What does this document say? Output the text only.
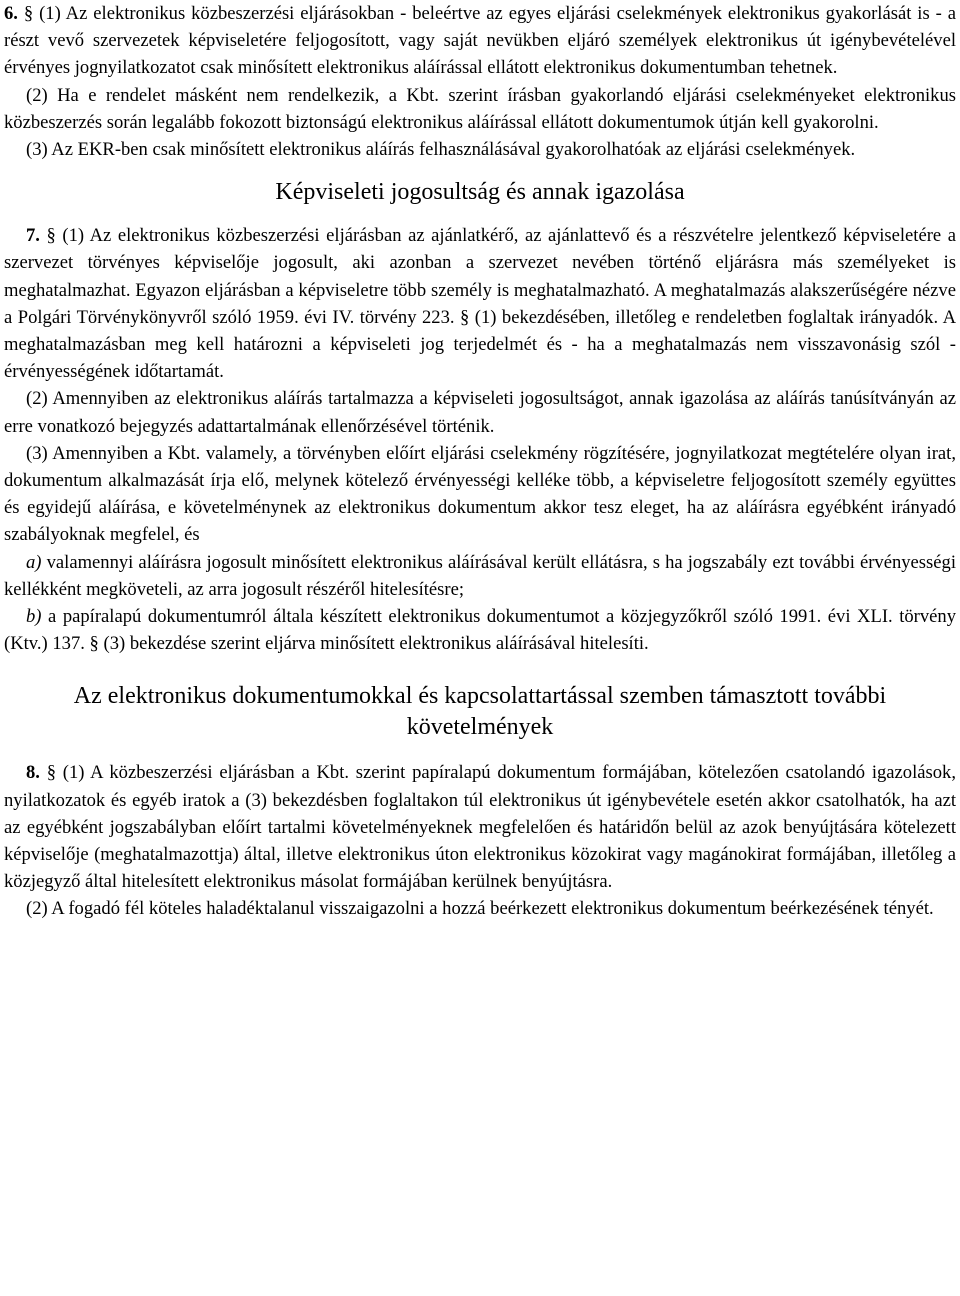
6. § (1) Az elektronikus közbeszerzési eljárásokban - beleértve az egyes eljárási cselekmények elektronikus gyakorlását is - a részt vevő szervezetek képviseletére feljogosított, vagy saját nevükben eljáró személyek elektronikus út igénybevételével érvényes jognyilatkozatot csak minősített elektronikus aláírással ellátott elektronikus dokumentumban tehetnek.

(2) Ha e rendelet másként nem rendelkezik, a Kbt. szerint írásban gyakorlandó eljárási cselekményeket elektronikus közbeszerzés során legalább fokozott biztonságú elektronikus aláírással ellátott dokumentumok útján kell gyakorolni.

(3) Az EKR-ben csak minősített elektronikus aláírás felhasználásával gyakorolhatóak az eljárási cselekmények.

Képviseleti jogosultság és annak igazolása

7. § (1) Az elektronikus közbeszerzési eljárásban az ajánlatkérő, az ajánlattevő és a részvételre jelentkező képviseletére a szervezet törvényes képviselője jogosult, aki azonban a szervezet nevében történő eljárásra más személyeket is meghatalmazhat. Egyazon eljárásban a képviseletre több személy is meghatalmazható. A meghatalmazás alakszerűségére nézve a Polgári Törvénykönyvről szóló 1959. évi IV. törvény 223. § (1) bekezdésében, illetőleg e rendeletben foglaltak irányadók. A meghatalmazásban meg kell határozni a képviseleti jog terjedelmét és - ha a meghatalmazás nem visszavonásig szól - érvényességének időtartamát.

(2) Amennyiben az elektronikus aláírás tartalmazza a képviseleti jogosultságot, annak igazolása az aláírás tanúsítványán az erre vonatkozó bejegyzés adattartalmának ellenőrzésével történik.

(3) Amennyiben a Kbt. valamely, a törvényben előírt eljárási cselekmény rögzítésére, jognyilatkozat megtételére olyan irat, dokumentum alkalmazását írja elő, melynek kötelező érvényességi kelléke több, a képviseletre feljogosított személy együttes és egyidejű aláírása, e követelménynek az elektronikus dokumentum akkor tesz eleget, ha az aláírásra egyébként irányadó szabályoknak megfelel, és

a) valamennyi aláírásra jogosult minősített elektronikus aláírásával került ellátásra, s ha jogszabály ezt további érvényességi kellékként megköveteli, az arra jogosult részéről hitelesítésre;

b) a papíralapú dokumentumról általa készített elektronikus dokumentumot a közjegyzőkről szóló 1991. évi XLI. törvény (Ktv.) 137. § (3) bekezdése szerint eljárva minősített elektronikus aláírásával hitelesíti.

Az elektronikus dokumentumokkal és kapcsolattartással szemben támasztott további követelmények

8. § (1) A közbeszerzési eljárásban a Kbt. szerint papíralapú dokumentum formájában, kötelezően csatolandó igazolások, nyilatkozatok és egyéb iratok a (3) bekezdésben foglaltakon túl elektronikus út igénybevétele esetén akkor csatolhatók, ha azt az egyébként jogszabályban előírt tartalmi követelményeknek megfelelően és határidőn belül az azok benyújtására kötelezett képviselője (meghatalmazottja) által, illetve elektronikus úton elektronikus közokirat vagy magánokirat formájában, illetőleg a közjegyző által hitelesített elektronikus másolat formájában kerülnek benyújtásra.

(2) A fogadó fél köteles haladéktalanul visszaigazolni a hozzá beérkezett elektronikus dokumentum beérkezésének tényét.
